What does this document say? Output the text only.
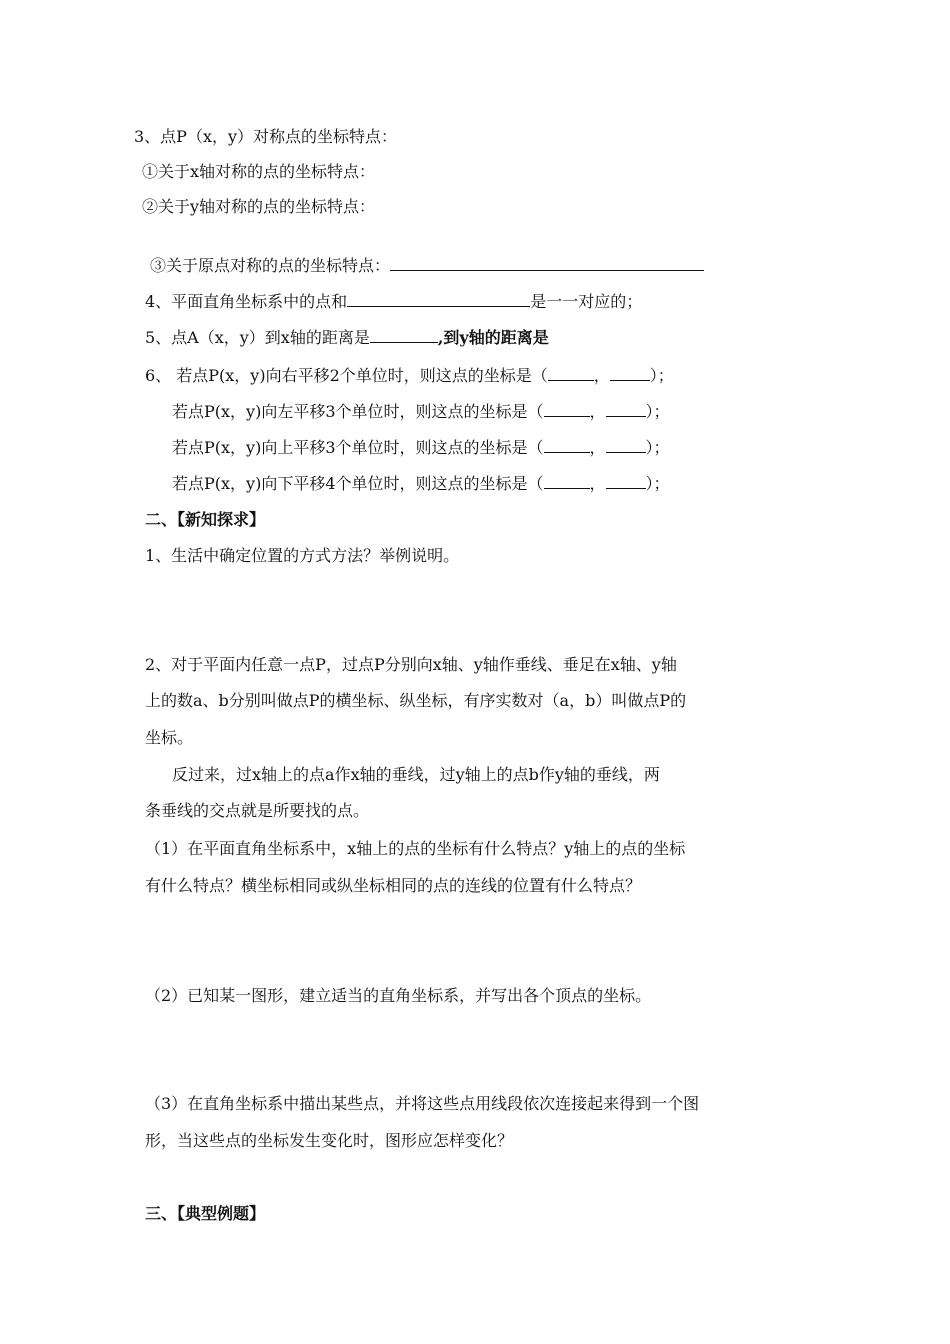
3、点P（x，y）对称点的坐标特点：
①关于x轴对称的点的坐标特点：
②关于y轴对称的点的坐标特点：
③关于原点对称的点的坐标特点：
4、平面直角坐标系中的点和	是一一对应的；
5、点A（x，y）到x轴的距离是	,到y轴的距离是
6、 若点P(x，y)向右平移2个单位时，则这点的坐标是（	，	）；
若点P(x，y)向左平移3个单位时，则这点的坐标是（	，	）；
若点P(x，y)向上平移3个单位时，则这点的坐标是（	，	）；
若点P(x，y)向下平移4个单位时，则这点的坐标是（	，	）；
二、【新知探求】
1、生活中确定位置的方式方法？举例说明。
2、对于平面内任意一点P，过点P分别向x轴、y轴作垂线、垂足在x轴、y轴
上的数a、b分别叫做点P的横坐标、纵坐标，有序实数对（a，b）叫做点P的
坐标。
反过来，过x轴上的点a作x轴的垂线，过y轴上的点b作y轴的垂线，两
条垂线的交点就是所要找的点。
（1）在平面直角坐标系中，x轴上的点的坐标有什么特点？y轴上的点的坐标
有什么特点？横坐标相同或纵坐标相同的点的连线的位置有什么特点？
（2）已知某一图形，建立适当的直角坐标系，并写出各个顶点的坐标。
（3）在直角坐标系中描出某些点，并将这些点用线段依次连接起来得到一个图
形，当这些点的坐标发生变化时，图形应怎样变化？
三、【典型例题】
